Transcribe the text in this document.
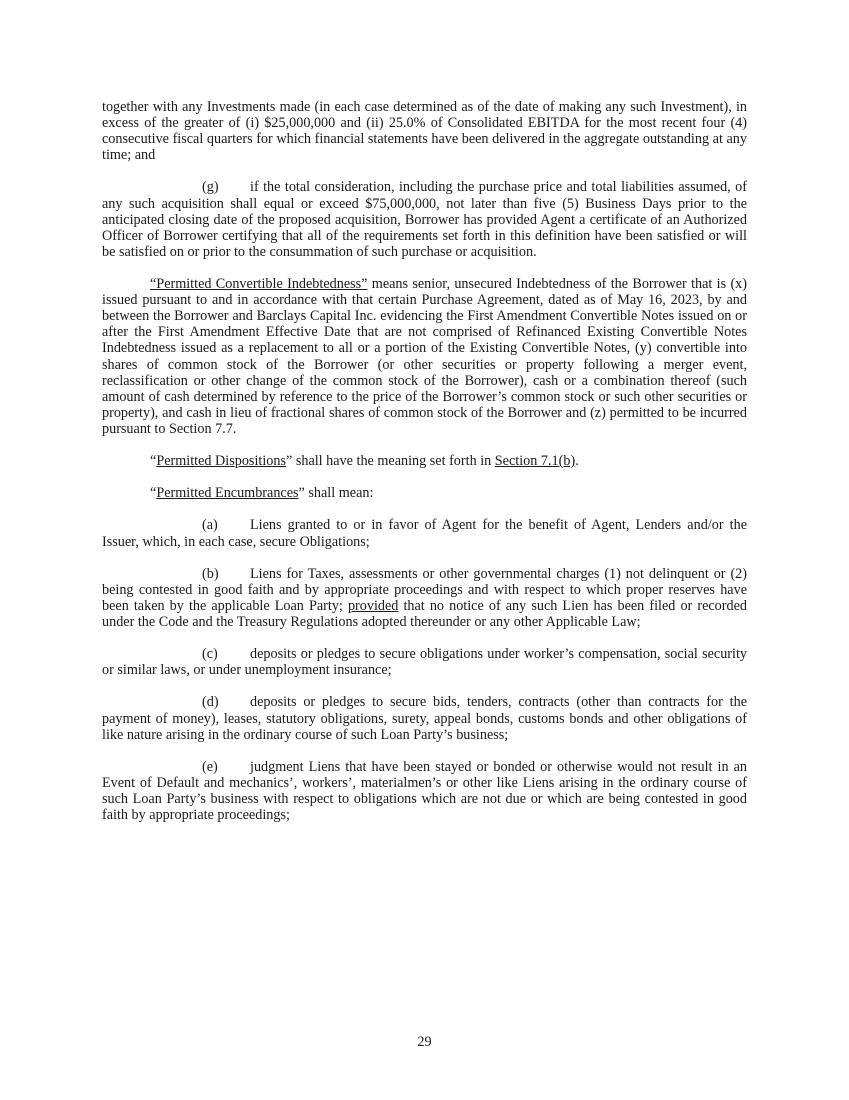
together with any Investments made (in each case determined as of the date of making any such Investment), in excess of the greater of (i) $25,000,000 and (ii) 25.0% of Consolidated EBITDA for the most recent four (4) consecutive fiscal quarters for which financial statements have been delivered in the aggregate outstanding at any time; and

(g) if the total consideration, including the purchase price and total liabilities assumed, of any such acquisition shall equal or exceed $75,000,000, not later than five (5) Business Days prior to the anticipated closing date of the proposed acquisition, Borrower has provided Agent a certificate of an Authorized Officer of Borrower certifying that all of the requirements set forth in this definition have been satisfied or will be satisfied on or prior to the consummation of such purchase or acquisition.

“Permitted Convertible Indebtedness” means senior, unsecured Indebtedness of the Borrower that is (x) issued pursuant to and in accordance with that certain Purchase Agreement, dated as of May 16, 2023, by and between the Borrower and Barclays Capital Inc. evidencing the First Amendment Convertible Notes issued on or after the First Amendment Effective Date that are not comprised of Refinanced Existing Convertible Notes Indebtedness issued as a replacement to all or a portion of the Existing Convertible Notes, (y) convertible into shares of common stock of the Borrower (or other securities or property following a merger event, reclassification or other change of the common stock of the Borrower), cash or a combination thereof (such amount of cash determined by reference to the price of the Borrower’s common stock or such other securities or property), and cash in lieu of fractional shares of common stock of the Borrower and (z) permitted to be incurred pursuant to Section 7.7.

“Permitted Dispositions” shall have the meaning set forth in Section 7.1(b).

“Permitted Encumbrances” shall mean:

(a) Liens granted to or in favor of Agent for the benefit of Agent, Lenders and/or the Issuer, which, in each case, secure Obligations;

(b) Liens for Taxes, assessments or other governmental charges (1) not delinquent or (2) being contested in good faith and by appropriate proceedings and with respect to which proper reserves have been taken by the applicable Loan Party; provided that no notice of any such Lien has been filed or recorded under the Code and the Treasury Regulations adopted thereunder or any other Applicable Law;

(c) deposits or pledges to secure obligations under worker’s compensation, social security or similar laws, or under unemployment insurance;

(d) deposits or pledges to secure bids, tenders, contracts (other than contracts for the payment of money), leases, statutory obligations, surety, appeal bonds, customs bonds and other obligations of like nature arising in the ordinary course of such Loan Party’s business;

(e) judgment Liens that have been stayed or bonded or otherwise would not result in an Event of Default and mechanics’, workers’, materialmen’s or other like Liens arising in the ordinary course of such Loan Party’s business with respect to obligations which are not due or which are being contested in good faith by appropriate proceedings;

29
